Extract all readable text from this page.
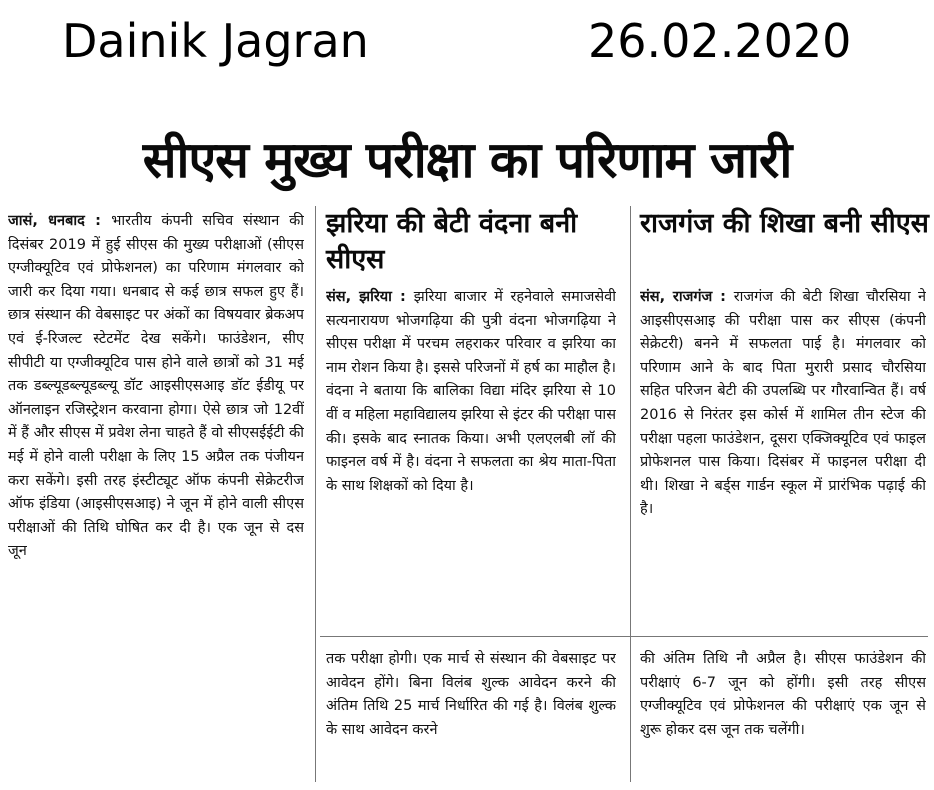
Dainik Jagran	26.02.2020
सीएस मुख्य परीक्षा का परिणाम जारी
जासं, धनबाद : भारतीय कंपनी सचिव संस्थान की दिसंबर 2019 में हुई सीएस की मुख्य परीक्षाओं (सीएस एग्जीक्यूटिव एवं प्रोफेशनल) का परिणाम मंगलवार को जारी कर दिया गया। धनबाद से कई छात्र सफल हुए हैं। छात्र संस्थान की वेबसाइट पर अंकों का विषयवार ब्रेकअप एवं ई-रिजल्ट स्टेटमेंट देख सकेंगे। फाउंडेशन, सीए सीपीटी या एग्जीक्यूटिव पास होने वाले छात्रों को 31 मई तक डब्ल्यूडब्ल्यूडब्ल्यू डॉट आइसीएसआइ डॉट ईडीयू पर ऑनलाइन रजिस्ट्रेशन करवाना होगा। ऐसे छात्र जो 12वीं में हैं और सीएस में प्रवेश लेना चाहते हैं वो सीएसईईटी की मई में होने वाली परीक्षा के लिए 15 अप्रैल तक पंजीयन करा सकेंगे। इसी तरह इंस्टीट्यूट ऑफ कंपनी सेक्रेटरीज ऑफ इंडिया (आइसीएसआइ) ने जून में होने वाली सीएस परीक्षाओं की तिथि घोषित कर दी है। एक जून से दस जून
झरिया की बेटी वंदना बनी सीएस
संस, झरिया : झरिया बाजार में रहनेवाले समाजसेवी सत्यनारायण भोजगढ़िया की पुत्री वंदना भोजगढ़िया ने सीएस परीक्षा में परचम लहराकर परिवार व झरिया का नाम रोशन किया है। इससे परिजनों में हर्ष का माहौल है। वंदना ने बताया कि बालिका विद्या मंदिर झरिया से 10 वीं व महिला महाविद्यालय झरिया से इंटर की परीक्षा पास की। इसके बाद स्नातक किया। अभी एलएलबी लॉ की फाइनल वर्ष में है। वंदना ने सफलता का श्रेय माता-पिता के साथ शिक्षकों को दिया है।
राजगंज की शिखा बनी सीएस
संस, राजगंज : राजगंज की बेटी शिखा चौरसिया ने आइसीएसआइ की परीक्षा पास कर सीएस (कंपनी सेक्रेटरी) बनने में सफलता पाई है। मंगलवार को परिणाम आने के बाद पिता मुरारी प्रसाद चौरसिया सहित परिजन बेटी की उपलब्धि पर गौरवान्वित हैं। वर्ष 2016 से निरंतर इस कोर्स में शामिल तीन स्टेज की परीक्षा पहला फाउंडेशन, दूसरा एक्जिक्यूटिव एवं फाइल प्रोफेशनल पास किया। दिसंबर में फाइनल परीक्षा दी थी। शिखा ने बर्ड्स गार्डन स्कूल में प्रारंभिक पढ़ाई की है।
तक परीक्षा होगी। एक मार्च से संस्थान की वेबसाइट पर आवेदन होंगे। बिना विलंब शुल्क आवेदन करने की अंतिम तिथि 25 मार्च निर्धारित की गई है। विलंब शुल्क के साथ आवेदन करने
की अंतिम तिथि नौ अप्रैल है। सीएस फाउंडेशन की परीक्षाएं 6-7 जून को होंगी। इसी तरह सीएस एग्जीक्यूटिव एवं प्रोफेशनल की परीक्षाएं एक जून से शुरू होकर दस जून तक चलेंगी।
